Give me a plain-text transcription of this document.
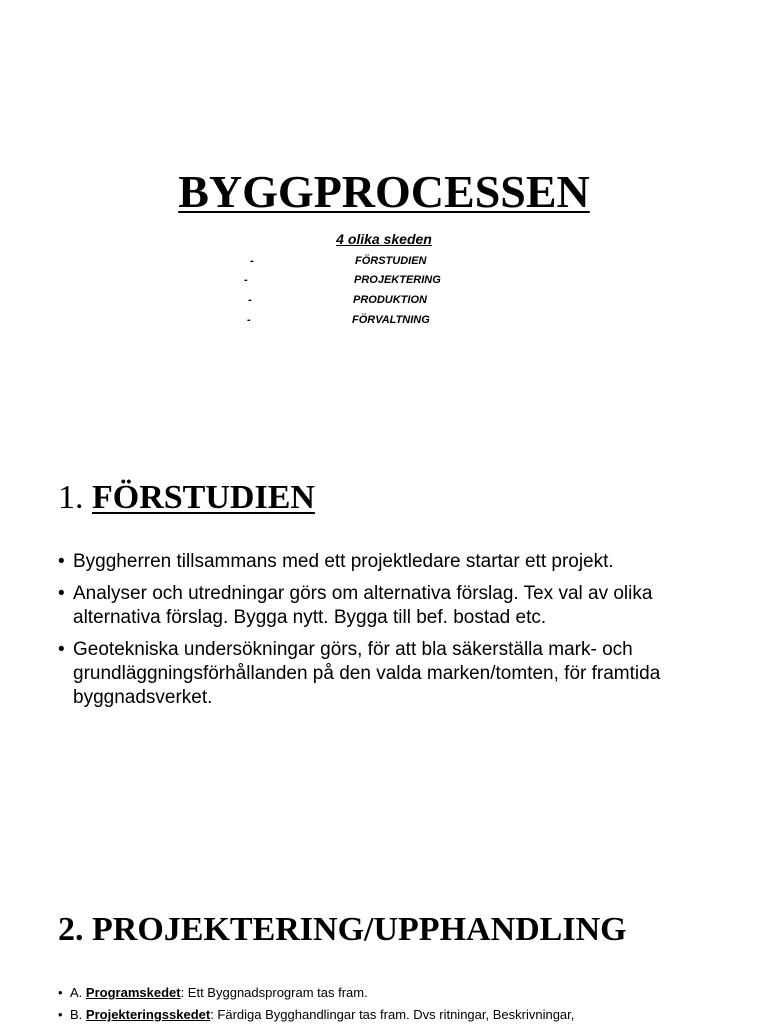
BYGGPROCESSEN
4 olika skeden
-	FÖRSTUDIEN
-	PROJEKTERING
-	PRODUKTION
-	FÖRVALTNING
1. FÖRSTUDIEN
• Byggherren tillsammans med ett projektledare startar ett projekt.
• Analyser och utredningar görs om alternativa förslag. Tex val av olika alternativa förslag. Bygga nytt. Bygga till bef. bostad etc.
• Geotekniska undersökningar görs, för att bla säkerställa mark- och grundläggningsförhållanden på den valda marken/tomten, för framtida byggnadsverket.
2. PROJEKTERING/UPPHANDLING
• A. Programskedet: Ett Byggnadsprogram tas fram.
• B. Projekteringsskedet: Färdiga Bygghandlingar tas fram. Dvs ritningar, Beskrivningar,
